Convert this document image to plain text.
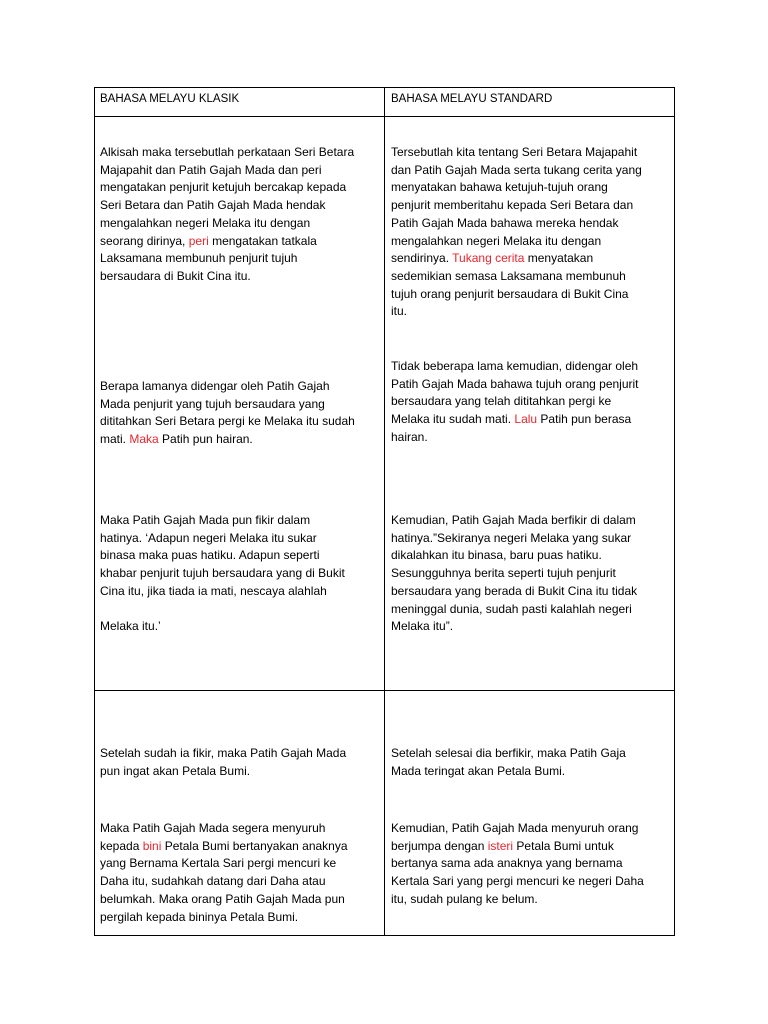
BAHASA MELAYU KLASIK	BAHASA MELAYU STANDARD

Alkisah maka tersebutlah perkataan Seri Betara
Majapahit dan Patih Gajah Mada dan peri
mengatakan penjurit ketujuh bercakap kepada
Seri Betara dan Patih Gajah Mada hendak
mengalahkan negeri Melaka itu dengan
seorang dirinya, peri mengatakan tatkala
Laksamana membunuh penjurit tujuh
bersaudara di Bukit Cina itu.

Tersebutlah kita tentang Seri Betara Majapahit
dan Patih Gajah Mada serta tukang cerita yang
menyatakan bahawa ketujuh-tujuh orang
penjurit memberitahu kepada Seri Betara dan
Patih Gajah Mada bahawa mereka hendak
mengalahkan negeri Melaka itu dengan
sendirinya. Tukang cerita menyatakan
sedemikian semasa Laksamana membunuh
tujuh orang penjurit bersaudara di Bukit Cina
itu.

Berapa lamanya didengar oleh Patih Gajah
Mada penjurit yang tujuh bersaudara yang
dititahkan Seri Betara pergi ke Melaka itu sudah
mati. Maka Patih pun hairan.

Tidak beberapa lama kemudian, didengar oleh
Patih Gajah Mada bahawa tujuh orang penjurit
bersaudara yang telah dititahkan pergi ke
Melaka itu sudah mati. Lalu Patih pun berasa
hairan.

Maka Patih Gajah Mada pun fikir dalam
hatinya. ‘Adapun negeri Melaka itu sukar
binasa maka puas hatiku. Adapun seperti
khabar penjurit tujuh bersaudara yang di Bukit
Cina itu, jika tiada ia mati, nescaya alahlah

Melaka itu.’

Kemudian, Patih Gajah Mada berfikir di dalam
hatinya.”Sekiranya negeri Melaka yang sukar
dikalahkan itu binasa, baru puas hatiku.
Sesungguhnya berita seperti tujuh penjurit
bersaudara yang berada di Bukit Cina itu tidak
meninggal dunia, sudah pasti kalahlah negeri
Melaka itu”.

Setelah sudah ia fikir, maka Patih Gajah Mada
pun ingat akan Petala Bumi.

Setelah selesai dia berfikir, maka Patih Gaja
Mada teringat akan Petala Bumi.

Maka Patih Gajah Mada segera menyuruh
kepada bini Petala Bumi bertanyakan anaknya
yang Bernama Kertala Sari pergi mencuri ke
Daha itu, sudahkah datang dari Daha atau
belumkah. Maka orang Patih Gajah Mada pun
pergilah kepada bininya Petala Bumi.

Kemudian, Patih Gajah Mada menyuruh orang
berjumpa dengan isteri Petala Bumi untuk
bertanya sama ada anaknya yang bernama
Kertala Sari yang pergi mencuri ke negeri Daha
itu, sudah pulang ke belum.
